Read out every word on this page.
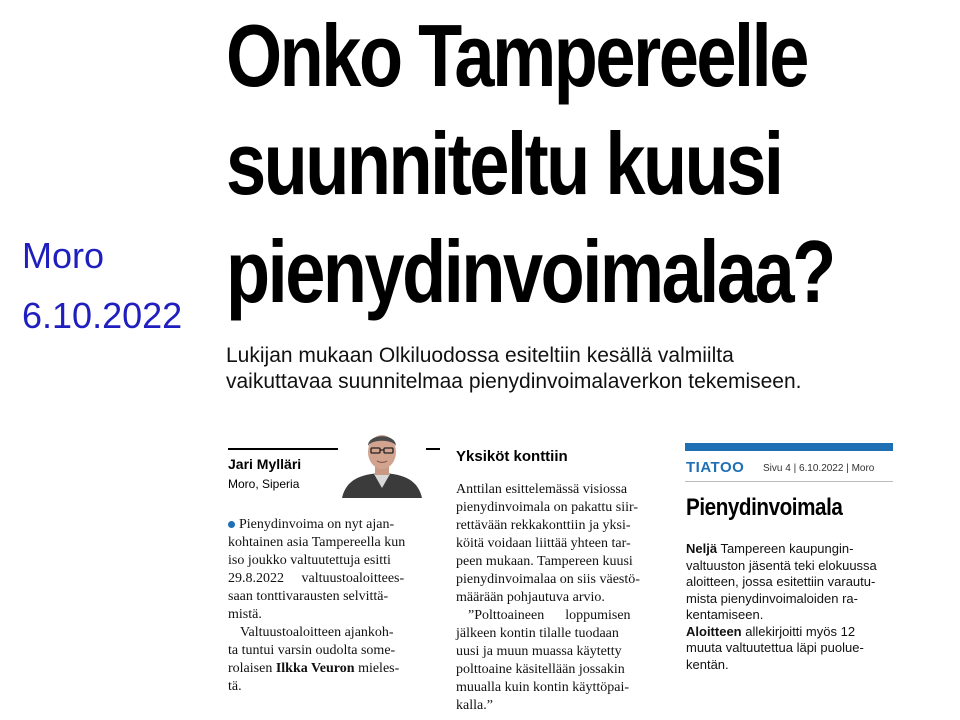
Moro
6.10.2022
Onko Tampereelle
suunniteltu kuusi
pienydinvoimalaa?

Lukijan mukaan Olkiluodossa esiteltiin kesällä valmiilta
vaikuttavaa suunnitelmaa pienydinvoimalaverkon tekemiseen.

Jari Mylläri
Moro, Siperia

Pienydinvoima on nyt ajan-
kohtainen asia Tampereella kun
iso joukko valtuutettuja esitti
29.8.2022     valtuustoaloittees-
saan tonttivarausten selvittä-
mistä.

Valtuustoaloitteen ajankoh-
ta tuntui varsin oudolta some-
rolaisen Ilkka Veuron mieles-
tä.

Yksiköt konttiin

Anttilan esittelemässä visiossa
pienydinvoimala on pakattu siir-
rettävään rekkakonttiin ja yksi-
köitä voidaan liittää yhteen tar-
peen mukaan. Tampereen kuusi
pienydinvoimalaa on siis väestö-
määrään pohjautuva arvio.

”Polttoaineen      loppumisen
jälkeen kontin tilalle tuodaan
uusi ja muun muassa käytetty
polttoaine käsitellään jossakin
muualla kuin kontin käyttöpai-
kalla.”

TIATOO Sivu 4 | 6.10.2022 | Moro
Pienydinvoimala

Neljä Tampereen kaupungin-
valtuuston jäsentä teki elokuussa
aloitteen, jossa esitettiin varautu-
mista pienydinvoimaloiden ra-
kentamiseen.

Aloitteen allekirjoitti myös 12
muuta valtuutettua läpi puolue-
kentän.
